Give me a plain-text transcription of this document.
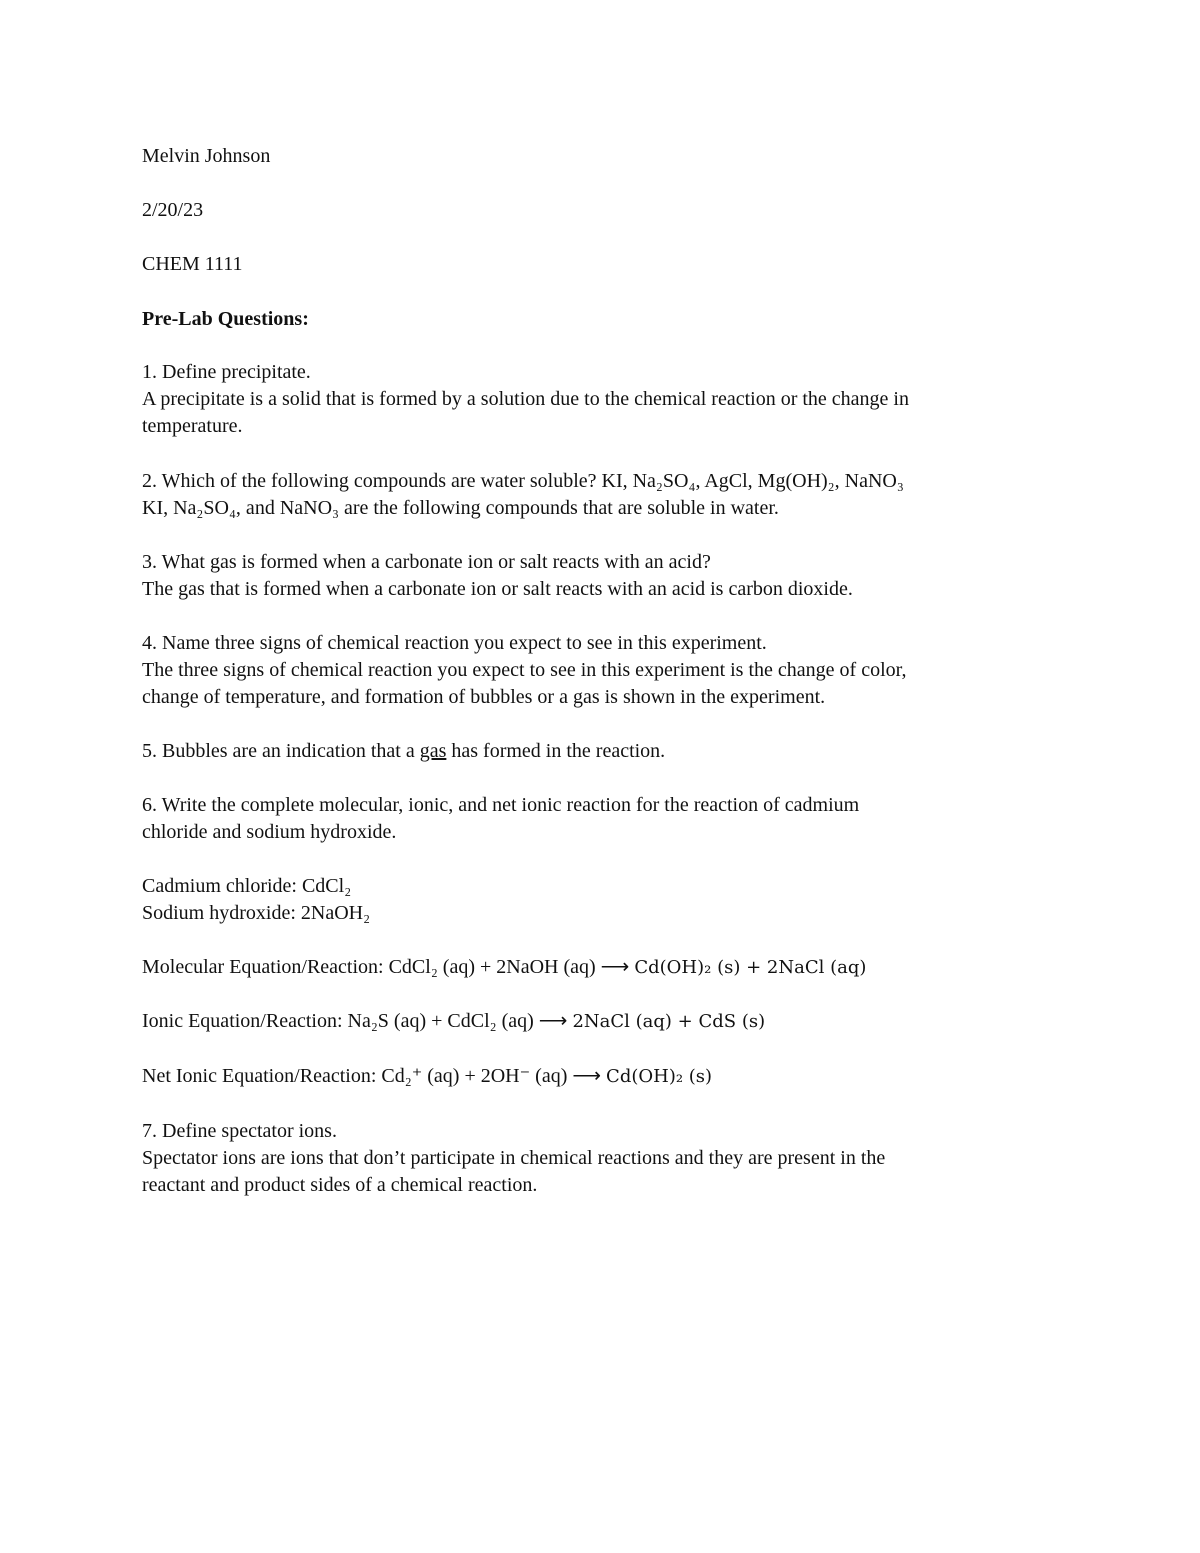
Melvin Johnson
2/20/23
CHEM 1111
Pre-Lab Questions:
1. Define precipitate.
A precipitate is a solid that is formed by a solution due to the chemical reaction or the change in
temperature.
2. Which of the following compounds are water soluble? KI, Na₂SO₄, AgCl, Mg(OH)₂, NaNO₃
KI, Na₂SO₄, and NaNO₃ are the following compounds that are soluble in water.
3. What gas is formed when a carbonate ion or salt reacts with an acid?
The gas that is formed when a carbonate ion or salt reacts with an acid is carbon dioxide.
4. Name three signs of chemical reaction you expect to see in this experiment.
The three signs of chemical reaction you expect to see in this experiment is the change of color,
change of temperature, and formation of bubbles or a gas is shown in the experiment.
5. Bubbles are an indication that a gas has formed in the reaction.
6. Write the complete molecular, ionic, and net ionic reaction for the reaction of cadmium
chloride and sodium hydroxide.
Cadmium chloride: CdCl₂
Sodium hydroxide: 2NaOH₂
Molecular Equation/Reaction: CdCl₂ (aq) + 2NaOH (aq) ⟶ Cd(OH)₂ (s) + 2NaCl (aq)
Ionic Equation/Reaction: Na₂S (aq) + CdCl₂ (aq) ⟶ 2NaCl (aq) + CdS (s)
Net Ionic Equation/Reaction: Cd₂⁺ (aq) + 2OH⁻ (aq) ⟶ Cd(OH)₂ (s)
7. Define spectator ions.
Spectator ions are ions that don’t participate in chemical reactions and they are present in the
reactant and product sides of a chemical reaction.
